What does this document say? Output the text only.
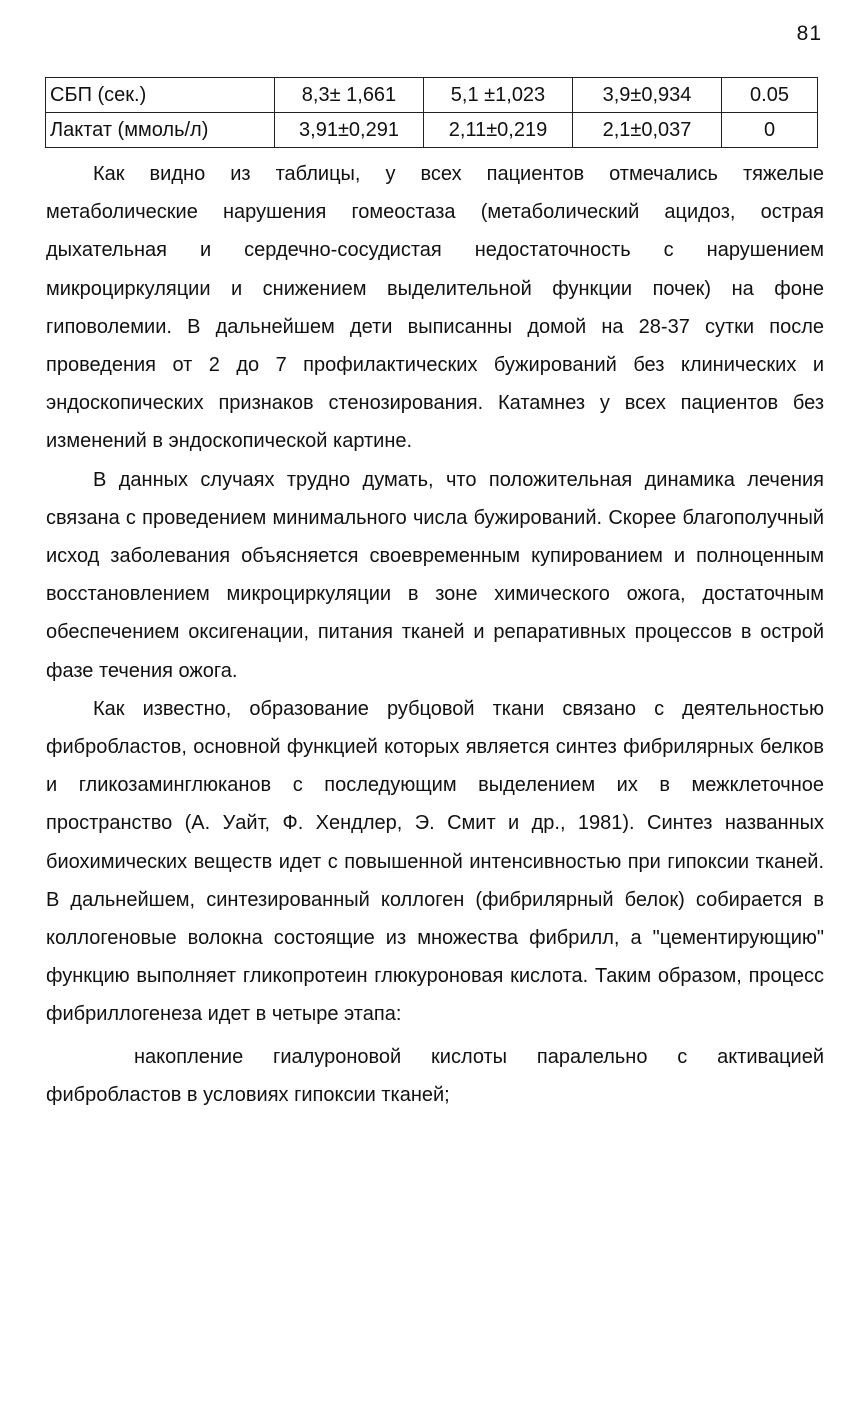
81
СБП (сек.)	8,3± 1,661	5,1 ±1,023	3,9±0,934	0.05
Лактат (ммоль/л)	3,91±0,291	2,11±0,219	2,1±0,037	0

Как видно из таблицы, у всех пациентов отмечались тяжелые метаболические нарушения гомеостаза (метаболический ацидоз, острая дыхательная и сердечно-сосудистая недостаточность с нарушением микроциркуляции и снижением выделительной функции почек) на фоне гиповолемии. В дальнейшем дети выписанны домой на 28-37 сутки после проведения от 2 до 7 профилактических бужирований без клинических и эндоскопических признаков стенозирования. Катамнез у всех пациентов без изменений в эндоскопической картине.

В данных случаях трудно думать, что положительная динамика лечения связана с проведением минимального числа бужирований. Скорее благополучный исход заболевания объясняется своевременным купированием и полноценным восстановлением микроциркуляции в зоне химического ожога, достаточным обеспечением оксигенации, питания тканей и репаративных процессов в острой фазе течения ожога.

Как известно, образование рубцовой ткани связано с деятельностью фибробластов, основной функцией которых является синтез фибрилярных белков и гликозаминглюканов с последующим выделением их в межклеточное пространство (А. Уайт, Ф. Хендлер, Э. Смит и др., 1981). Синтез названных биохимических веществ идет с повышенной интенсивностью при гипоксии тканей. В дальнейшем, синтезированный коллоген (фибрилярный белок) собирается в коллогеновые волокна состоящие из множества фибрилл, а "цементирующию" функцию выполняет гликопротеин глюкуроновая кислота. Таким образом, процесс фибриллогенеза идет в четыре этапа:

накопление гиалуроновой кислоты паралельно с активацией фибробластов в условиях гипоксии тканей;
